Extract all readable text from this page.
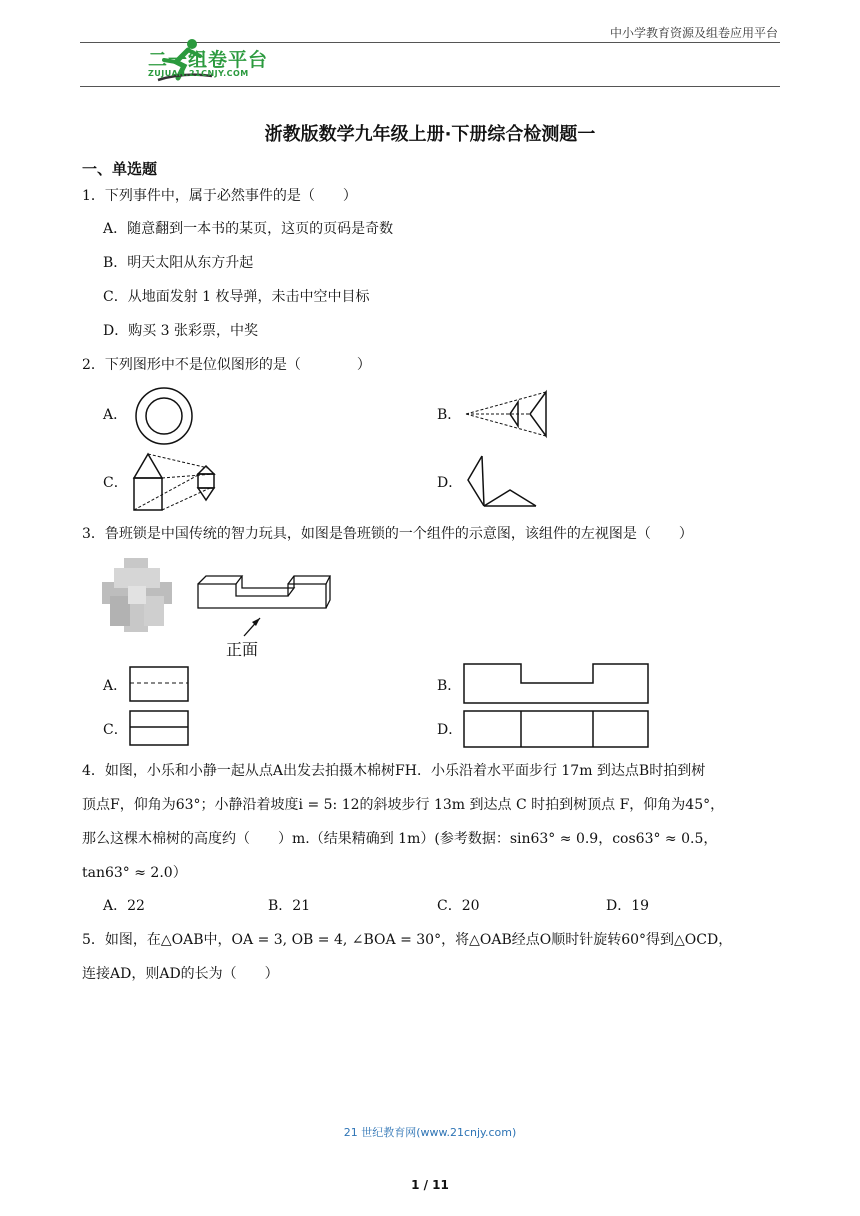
中小学教育资源及组卷应用平台
二一组卷平台
ZUJUAN.21CNJY.COM
浙教版数学九年级上册·下册综合检测题一
一、单选题
1．下列事件中，属于必然事件的是（　　）
A．随意翻到一本书的某页，这页的页码是奇数
B．明天太阳从东方升起
C．从地面发射 1 枚导弹，未击中空中目标
D．购买 3 张彩票，中奖
2．下列图形中不是位似图形的是（　　　　）
A．	B．
C．	D．
3．鲁班锁是中国传统的智力玩具，如图是鲁班锁的一个组件的示意图，该组件的左视图是（　　）
正面
A．	B．
C．	D．
4．如图，小乐和小静一起从点A出发去拍摄木棉树FH．小乐沿着水平面步行 17m 到达点B时拍到树
顶点F，仰角为63°；小静沿着坡度i = 5: 12的斜坡步行 13m 到达点 C 时拍到树顶点 F，仰角为45°，
那么这棵木棉树的高度约（　　）m.（结果精确到 1m）(参考数据：sin63° ≈ 0.9，cos63° ≈ 0.5，
tan63° ≈ 2.0）
A．22	B．21	C．20	D．19
5．如图，在△OAB中，OA = 3, OB = 4, ∠BOA = 30°，将△OAB经点O顺时针旋转60°得到△OCD，
连接AD，则AD的长为（　　）
21 世纪教育网(www.21cnjy.com)
1 / 11
